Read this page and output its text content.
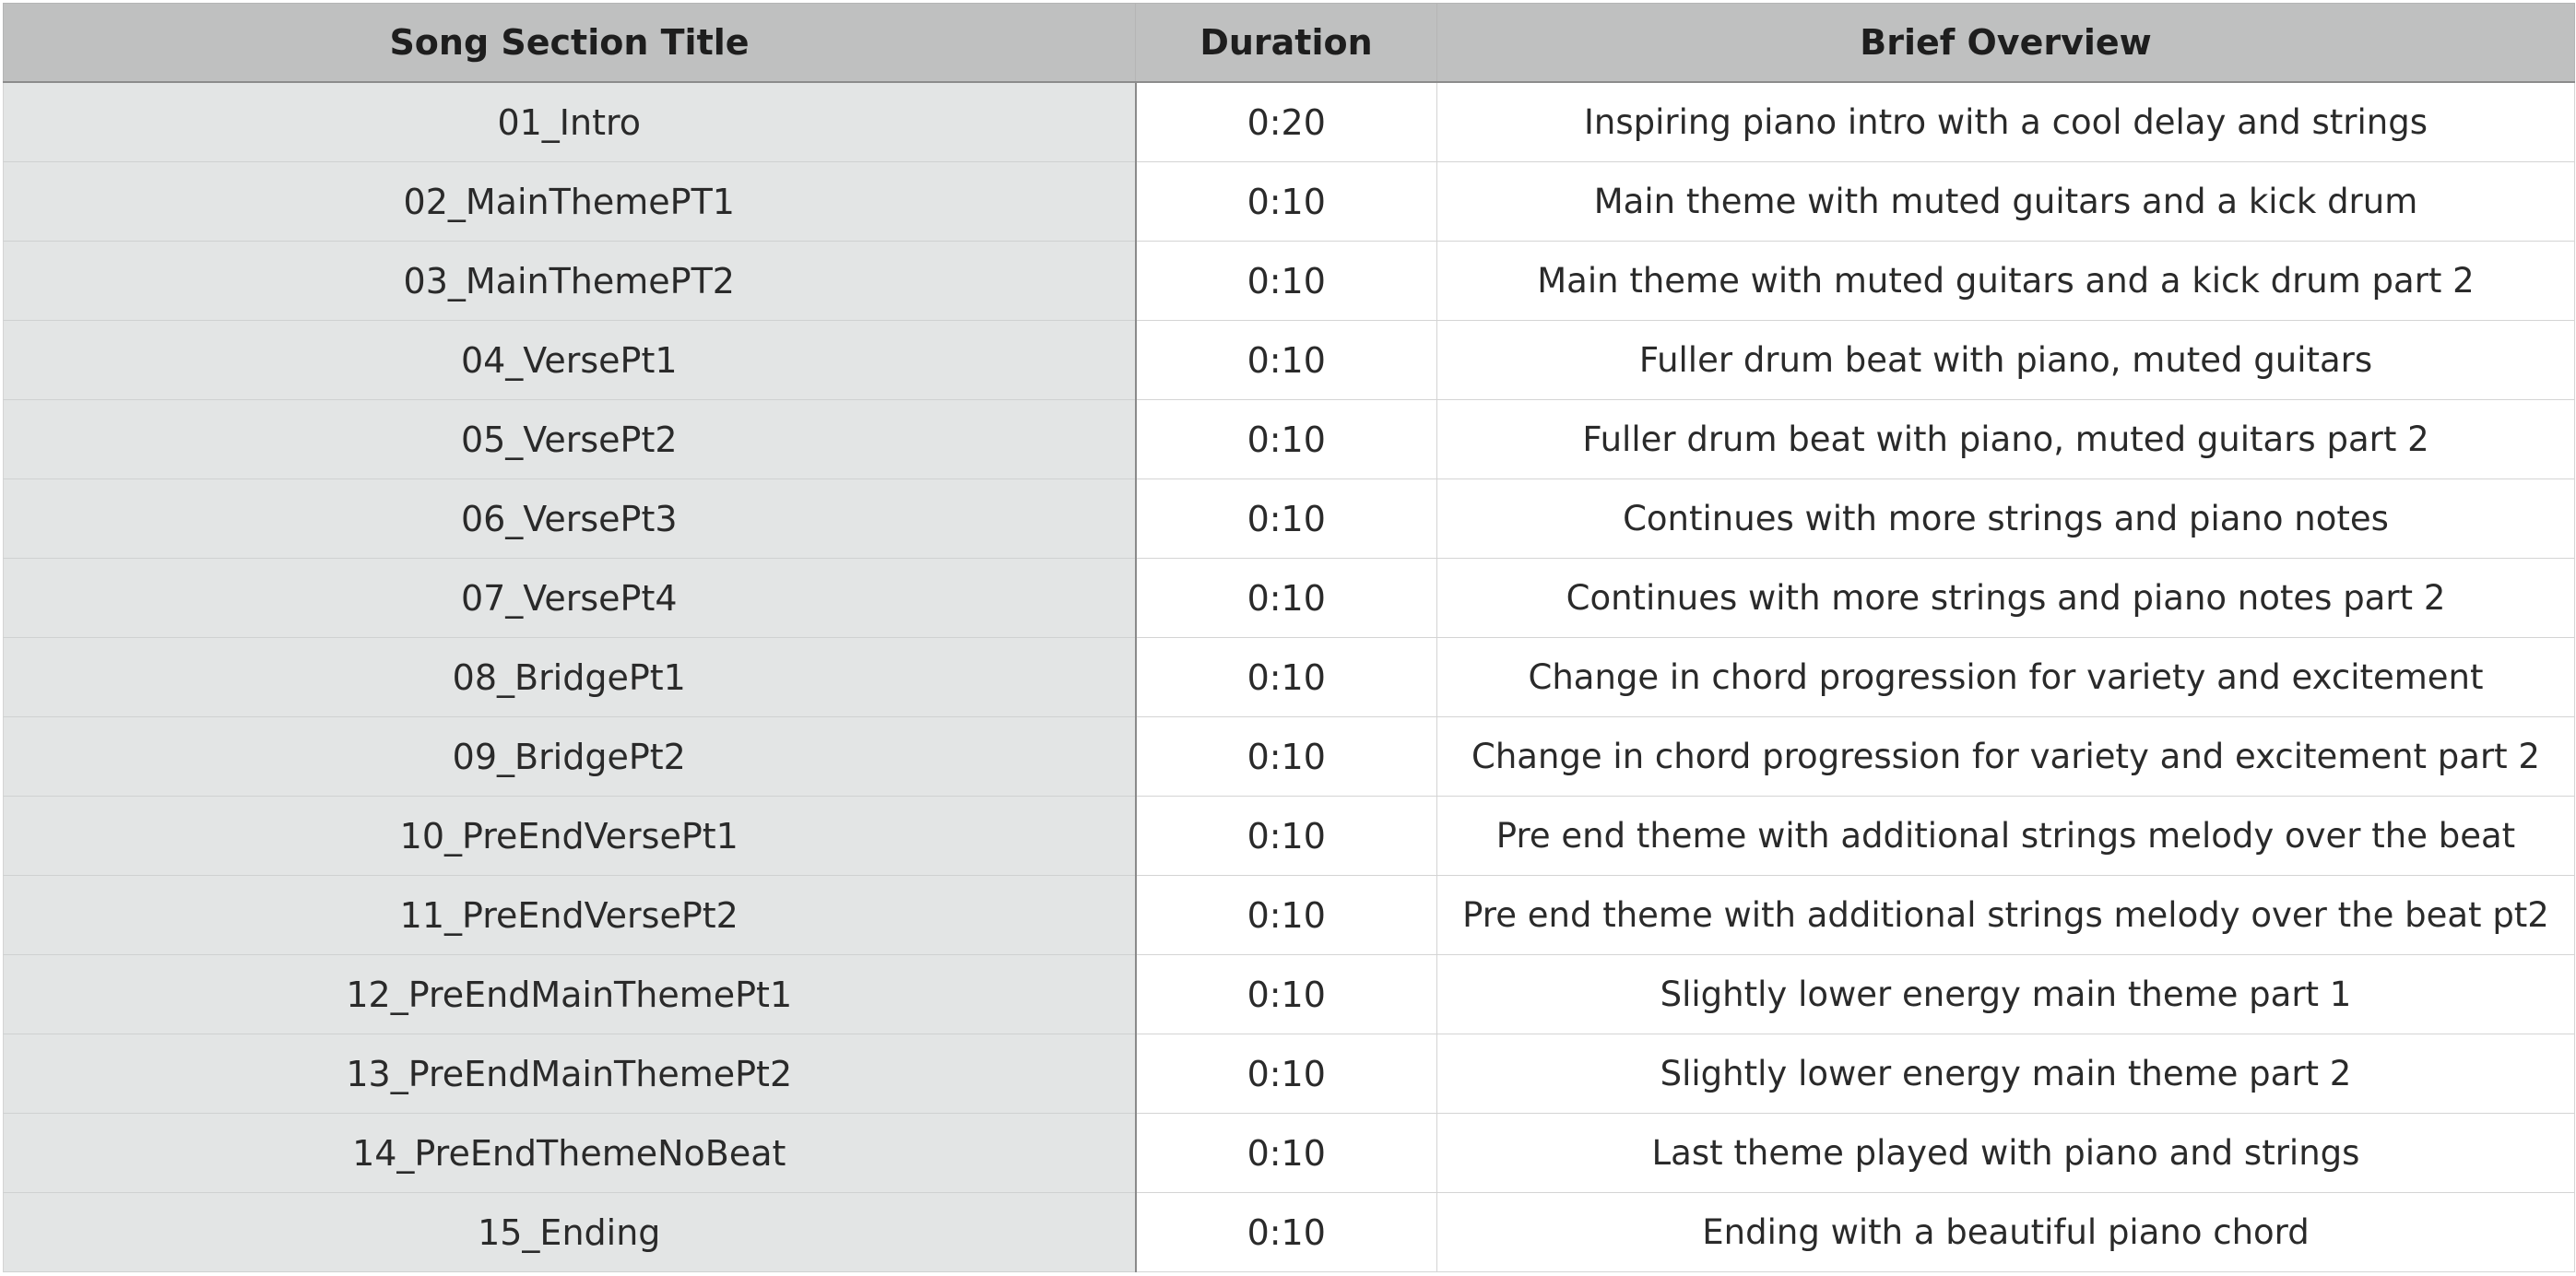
Song Section Title	Duration	Brief Overview
01_Intro	0:20	Inspiring piano intro with a cool delay and strings
02_MainThemePT1	0:10	Main theme with muted guitars and a kick drum
03_MainThemePT2	0:10	Main theme with muted guitars and a kick drum part 2
04_VersePt1	0:10	Fuller drum beat with piano, muted guitars
05_VersePt2	0:10	Fuller drum beat with piano, muted guitars part 2
06_VersePt3	0:10	Continues with more strings and piano notes
07_VersePt4	0:10	Continues with more strings and piano notes part 2
08_BridgePt1	0:10	Change in chord progression for variety and excitement
09_BridgePt2	0:10	Change in chord progression for variety and excitement part 2
10_PreEndVersePt1	0:10	Pre end theme with additional strings melody over the beat
11_PreEndVersePt2	0:10	Pre end theme with additional strings melody over the beat pt2
12_PreEndMainThemePt1	0:10	Slightly lower energy main theme part 1
13_PreEndMainThemePt2	0:10	Slightly lower energy main theme part 2
14_PreEndThemeNoBeat	0:10	Last theme played with piano and strings
15_Ending	0:10	Ending with a beautiful piano chord
